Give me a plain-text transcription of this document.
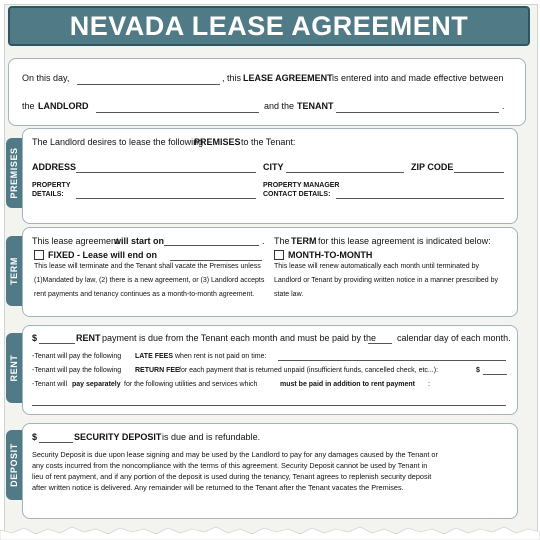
NEVADA LEASE AGREEMENT
On this day,	, this LEASE AGREEMENT is entered into and made effective between
the LANDLORD	and the TENANT	.
PREMISES
The Landlord desires to lease the following
PREMISES to the Tenant:
ADDRESS	CITY	ZIP CODE
PROPERTY
DETAILS:
PROPERTY MANAGER
CONTACT DETAILS:
TERM
This lease agreement
will start on	. The TERM for this lease agreement is indicated below:
FIXED - Lease will end on
This lease will terminate and the Tenant shall vacate the Premises unless
(1)Mandated by law, (2) there is a new agreement, or (3) Landlord accepts
rent payments and tenancy continues as a month-to-month agreement.
MONTH-TO-MONTH
This lease will renew automatically each month until terminated by
Landlord or Tenant by providing written notice in a manner prescribed by
state law.
RENT
$	RENT payment is due from the Tenant each month and must be paid by the calendar day of each month.
-Tenant will pay the following LATE FEES when rent is not paid on time:
-Tenant will pay the following RETURN FEE for each payment that is returned unpaid (insufficient funds, cancelled check, etc...):	$
-Tenant will pay separately for the following utilities and services which	must be paid in addition to rent payment :
DEPOSIT
$	SECURITY DEPOSIT is due and is refundable.
Security Deposit is due upon lease signing and may be used by the Landlord to pay for any damages caused by the Tenant or
any costs incurred from the noncompliance with the terms of this agreement. Security Deposit cannot be used by Tenant in
lieu of rent payment, and if any portion of the deposit is used during the tenancy, Tenant agrees to replenish security deposit
after written notice is delivered. Any remainder will be returned to the Tenant after the Tenant vacates the Premises.
